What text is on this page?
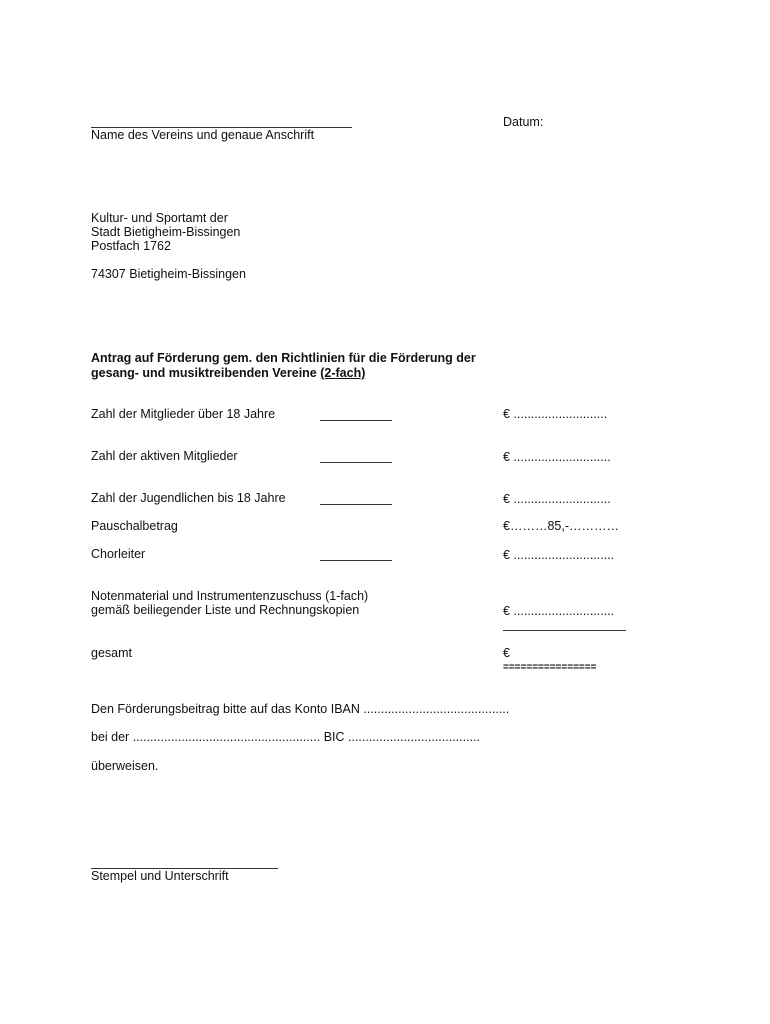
Name des Vereins und genaue Anschrift
Datum:
Kultur- und Sportamt der
Stadt Bietigheim-Bissingen
Postfach 1762
74307 Bietigheim-Bissingen
Antrag auf Förderung gem. den Richtlinien für die Förderung der
gesang- und musiktreibenden Vereine (2-fach)
Zahl der Mitglieder über 18 Jahre	€ ...........................
Zahl der aktiven Mitglieder	€ ............................
Zahl der Jugendlichen bis 18 Jahre	€ ............................
Pauschalbetrag	€………85,-…………
Chorleiter	€ .............................
Notenmaterial und Instrumentenzuschuss (1-fach)
gemäß beiliegender Liste und Rechnungskopien	€ .............................
gesamt	€
================
Den Förderungsbeitrag bitte auf das Konto IBAN ..........................................
bei der ...................................................... BIC ......................................
überweisen.
Stempel und Unterschrift
